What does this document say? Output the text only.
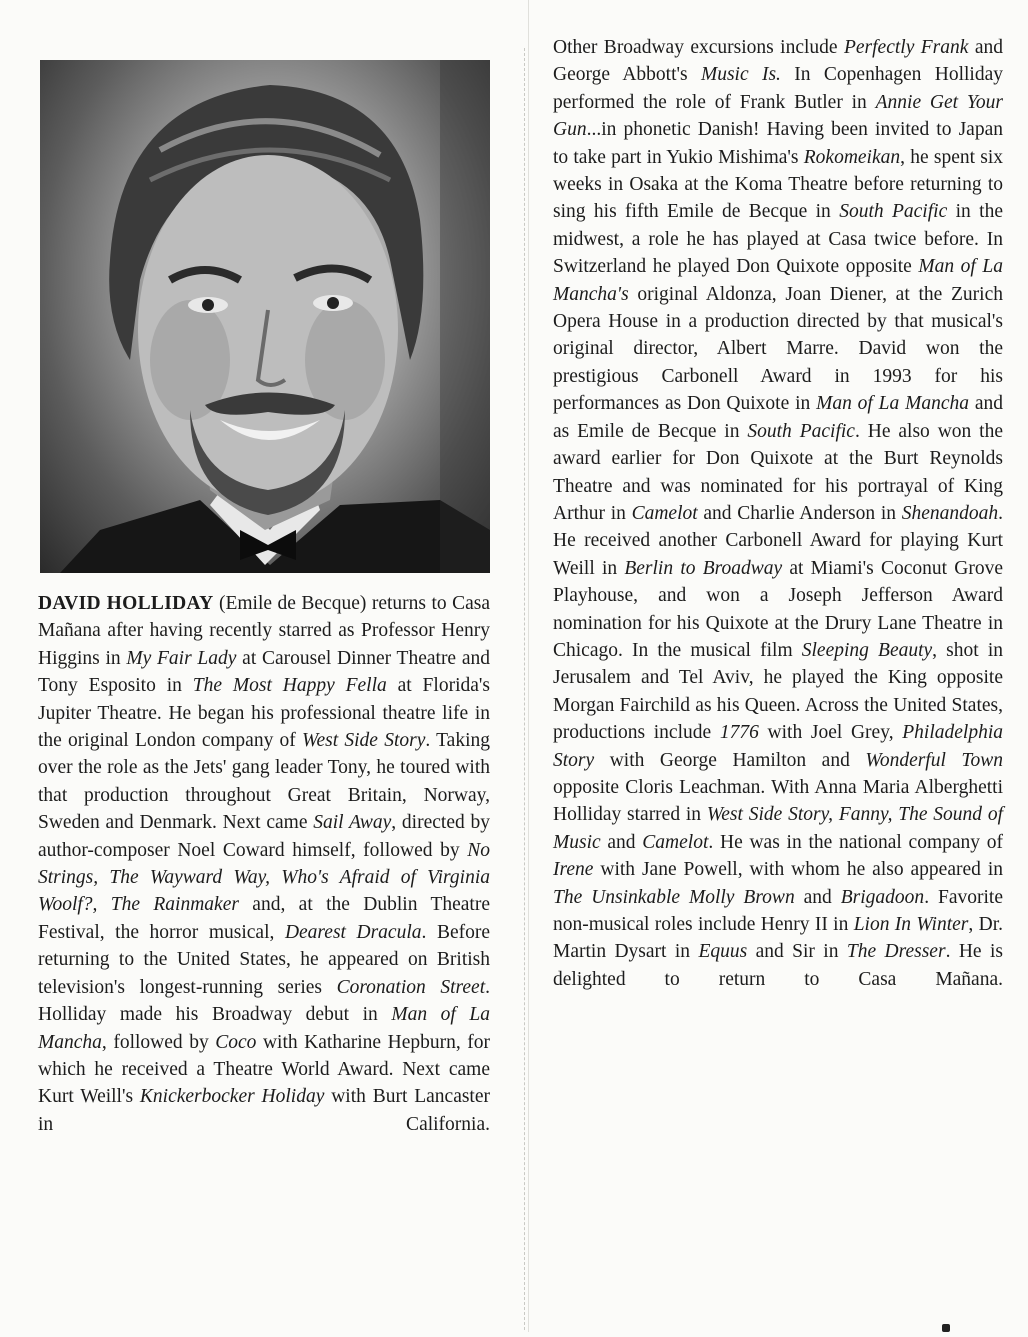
DAVID HOLLIDAY (Emile de Becque) returns to Casa Mañana after having recently starred as Professor Henry Higgins in My Fair Lady at Carousel Dinner Theatre and Tony Esposito in The Most Happy Fella at Florida's Jupiter Theatre. He began his professional theatre life in the original London company of West Side Story. Taking over the role as the Jets' gang leader Tony, he toured with that production throughout Great Britain, Norway, Sweden and Denmark. Next came Sail Away, directed by author-composer Noel Coward himself, followed by No Strings, The Wayward Way, Who's Afraid of Virginia Woolf?, The Rainmaker and, at the Dublin Theatre Festival, the horror musical, Dearest Dracula. Before returning to the United States, he appeared on British television's longest-running series Coronation Street. Holliday made his Broadway debut in Man of La Mancha, followed by Coco with Katharine Hepburn, for which he received a Theatre World Award. Next came Kurt Weill's Knickerbocker Holiday with Burt Lancaster in California.

Other Broadway excursions include Perfectly Frank and George Abbott's Music Is. In Copenhagen Holliday performed the role of Frank Butler in Annie Get Your Gun...in phonetic Danish! Having been invited to Japan to take part in Yukio Mishima's Rokomeikan, he spent six weeks in Osaka at the Koma Theatre before returning to sing his fifth Emile de Becque in South Pacific in the midwest, a role he has played at Casa twice before. In Switzerland he played Don Quixote opposite Man of La Mancha's original Aldonza, Joan Diener, at the Zurich Opera House in a production directed by that musical's original director, Albert Marre. David won the prestigious Carbonell Award in 1993 for his performances as Don Quixote in Man of La Mancha and as Emile de Becque in South Pacific. He also won the award earlier for Don Quixote at the Burt Reynolds Theatre and was nominated for his portrayal of King Arthur in Camelot and Charlie Anderson in Shenandoah. He received another Carbonell Award for playing Kurt Weill in Berlin to Broadway at Miami's Coconut Grove Playhouse, and won a Joseph Jefferson Award nomination for his Quixote at the Drury Lane Theatre in Chicago. In the musical film Sleeping Beauty, shot in Jerusalem and Tel Aviv, he played the King opposite Morgan Fairchild as his Queen. Across the United States, productions include 1776 with Joel Grey, Philadelphia Story with George Hamilton and Wonderful Town opposite Cloris Leachman. With Anna Maria Alberghetti Holliday starred in West Side Story, Fanny, The Sound of Music and Camelot. He was in the national company of Irene with Jane Powell, with whom he also appeared in The Unsinkable Molly Brown and Brigadoon. Favorite non-musical roles include Henry II in Lion In Winter, Dr. Martin Dysart in Equus and Sir in The Dresser. He is delighted to return to Casa Mañana.
